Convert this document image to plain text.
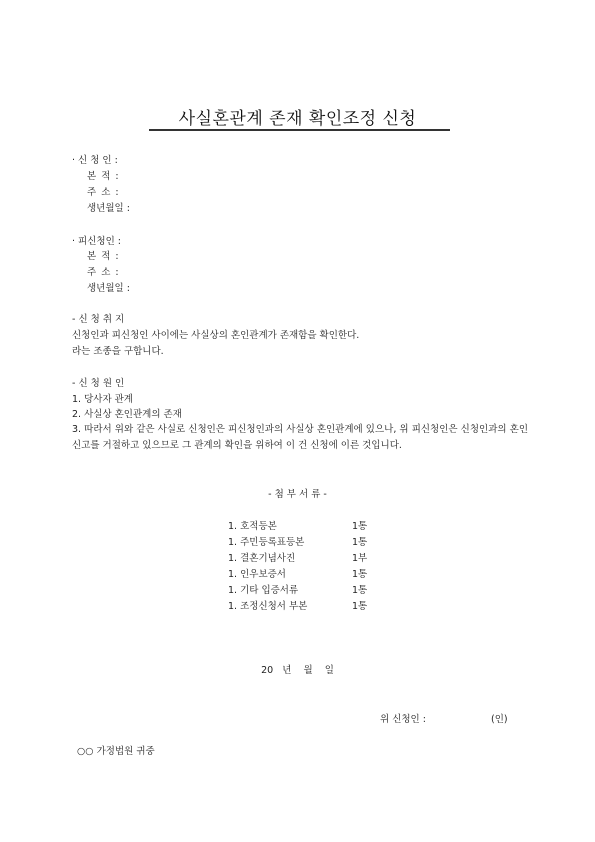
사실혼관계 존재 확인조정 신청
· 신 청 인 :
본 적 :
주 소 :
생년월일 :
· 피신청인 :
본 적 :
주 소 :
생년월일 :
- 신 청 취 지
신청인과 피신청인 사이에는 사실상의 혼인관계가 존재함을 확인한다.
라는 조종을 구합니다.
- 신 청 원 인
1. 당사자 관계
2. 사실상 혼인관계의 존재
3. 따라서 위와 같은 사실로 신청인은 피신청인과의 사실상 혼인관계에 있으나, 위 피신청인은 신청인과의 혼인신고를 거절하고 있으므로 그 관계의 확인을 위하여 이 건 신청에 이른 것입니다.
- 첨 부 서 류 -
1. 호적등본	1통
1. 주민등록표등본	1통
1. 결혼기념사진	1부
1. 인우보증서	1통
1. 기타 입증서류	1통
1. 조정신청서 부본	1통
20   년    월    일
위 신청인 :	(인)
○○ 가정법원 귀중
